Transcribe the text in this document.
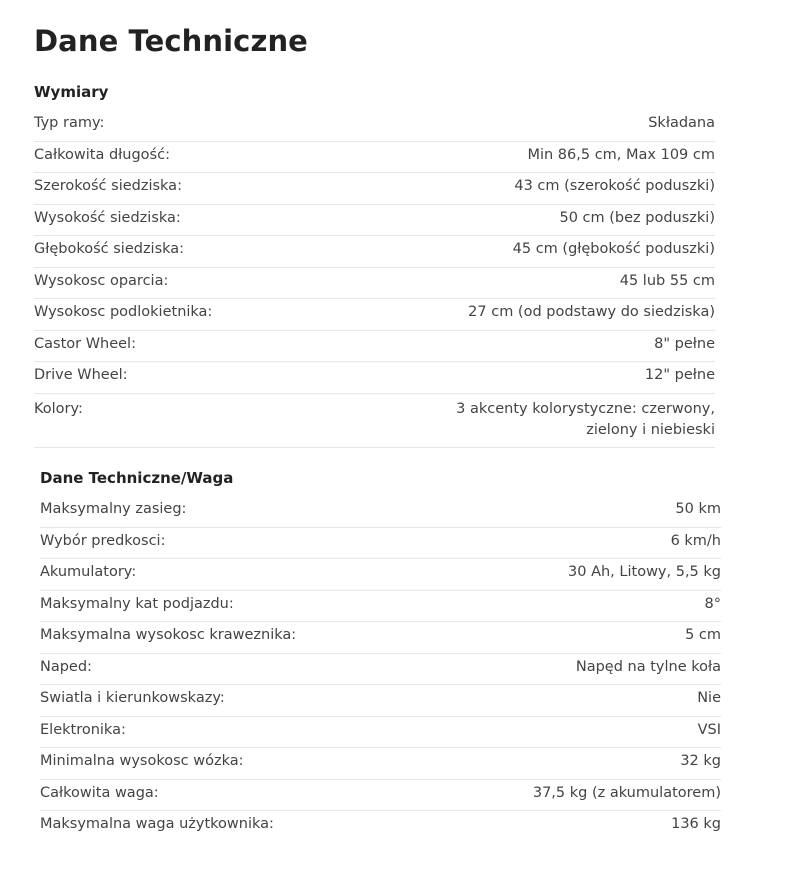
Dane Techniczne
Wymiary
Typ ramy:	Składana
Całkowita długość:	Min 86,5 cm, Max 109 cm
Szerokość siedziska:	43 cm (szerokość poduszki)
Wysokość siedziska:	50 cm (bez poduszki)
Głębokość siedziska:	45 cm (głębokość poduszki)
Wysokosc oparcia:	45 lub 55 cm
Wysokosc podlokietnika:	27 cm (od podstawy do siedziska)
Castor Wheel:	8" pełne
Drive Wheel:	12" pełne
Kolory:	3 akcenty kolorystyczne: czerwony, zielony i niebieski
Dane Techniczne/Waga
Maksymalny zasieg:	50 km
Wybór predkosci:	6 km/h
Akumulatory:	30 Ah, Litowy, 5,5 kg
Maksymalny kat podjazdu:	8°
Maksymalna wysokosc kraweznika:	5 cm
Naped:	Napęd na tylne koła
Swiatla i kierunkowskazy:	Nie
Elektronika:	VSI
Minimalna wysokosc wózka:	32 kg
Całkowita waga:	37,5 kg (z akumulatorem)
Maksymalna waga użytkownika:	136 kg
